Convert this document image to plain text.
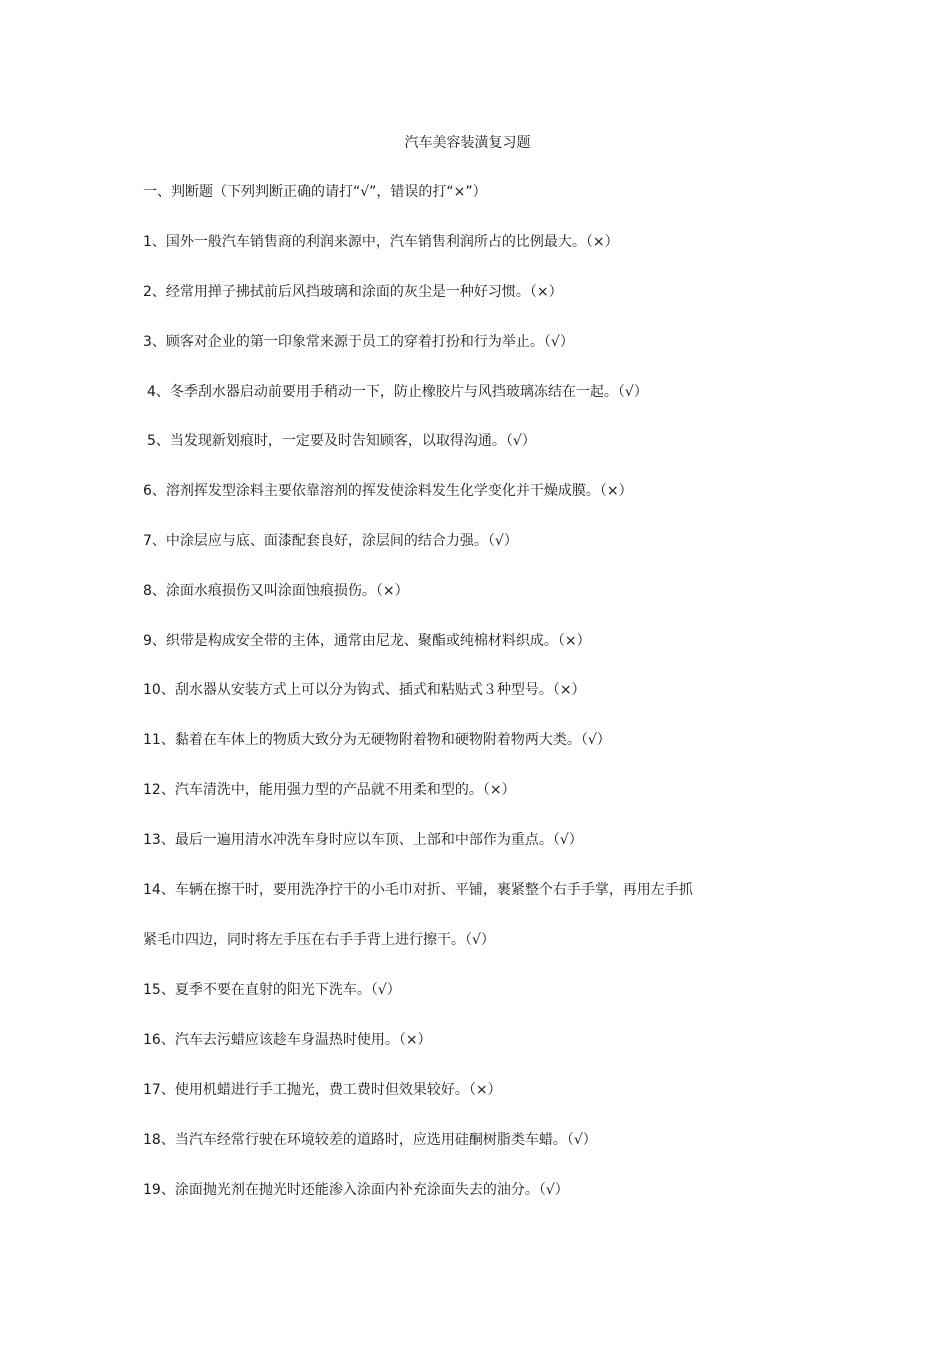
汽车美容装潢复习题

一、判断题（下列判断正确的请打“√”，错误的打“×”）

1、国外一般汽车销售商的利润来源中，汽车销售利润所占的比例最大。（×）

2、经常用掸子拂拭前后风挡玻璃和涂面的灰尘是一种好习惯。（×）

3、顾客对企业的第一印象常来源于员工的穿着打扮和行为举止。（√）

4、冬季刮水器启动前要用手稍动一下，防止橡胶片与风挡玻璃冻结在一起。（√）

5、当发现新划痕时，一定要及时告知顾客，以取得沟通。（√）

6、溶剂挥发型涂料主要依靠溶剂的挥发使涂料发生化学变化并干燥成膜。（×）

7、中涂层应与底、面漆配套良好，涂层间的结合力强。（√）

8、涂面水痕损伤又叫涂面蚀痕损伤。（×）

9、织带是构成安全带的主体，通常由尼龙、聚酯或纯棉材料织成。（×）

10、刮水器从安装方式上可以分为钩式、插式和粘贴式３种型号。（×）

11、黏着在车体上的物质大致分为无硬物附着物和硬物附着物两大类。（√）

12、汽车清洗中，能用强力型的产品就不用柔和型的。（×）

13、最后一遍用清水冲洗车身时应以车顶、上部和中部作为重点。（√）

14、车辆在擦干时，要用洗净拧干的小毛巾对折、平铺，裹紧整个右手手掌，再用左手抓

紧毛巾四边，同时将左手压在右手手背上进行擦干。（√）

15、夏季不要在直射的阳光下洗车。（√）

16、汽车去污蜡应该趁车身温热时使用。（×）

17、使用机蜡进行手工抛光，费工费时但效果较好。（×）

18、当汽车经常行驶在环境较差的道路时，应选用硅酮树脂类车蜡。（√）

19、涂面抛光剂在抛光时还能渗入涂面内补充涂面失去的油分。（√）
